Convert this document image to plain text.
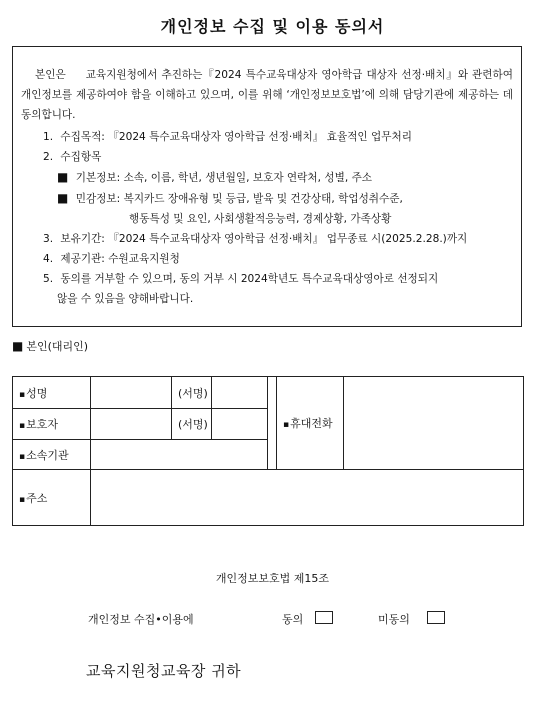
개인정보 수집 및 이용 동의서

본인은 교육지원청에서 추진하는『2024 특수교육대상자 영아학급 대상자 선정·배치』와 관련하여 개인정보를 제공하여야 함을 이해하고 있으며, 이를 위해 ‘개인정보보호법’에 의해 담당기관에 제공하는 데 동의합니다.

1. 수집목적: 『2024 특수교육대상자 영아학급 선정·배치』 효율적인 업무처리

2. 수집항목

■ 기본정보: 소속, 이름, 학년, 생년월일, 보호자 연락처, 성별, 주소

■ 민감정보: 복지카드 장애유형 및 등급, 발육 및 건강상태, 학업성취수준,

행동특성 및 요인, 사회생활적응능력, 경제상황, 가족상황

3. 보유기간: 『2024 특수교육대상자 영아학급 선정·배치』 업무종료 시(2025.2.28.)까지

4. 제공기관: 수원교육지원청

5. 동의를 거부할 수 있으며, 동의 거부 시 2024학년도 특수교육대상영아로 선정되지

않을 수 있음을 양해바랍니다.

■ 본인(대리인)
▪성명		(서명)			▪휴대전화	
▪보호자		(서명)				
▪소속기관						
▪주소						
개인정보보호법 제15조
개인정보 수집•이용에	동의	미동의
교육지원청교육장 귀하
